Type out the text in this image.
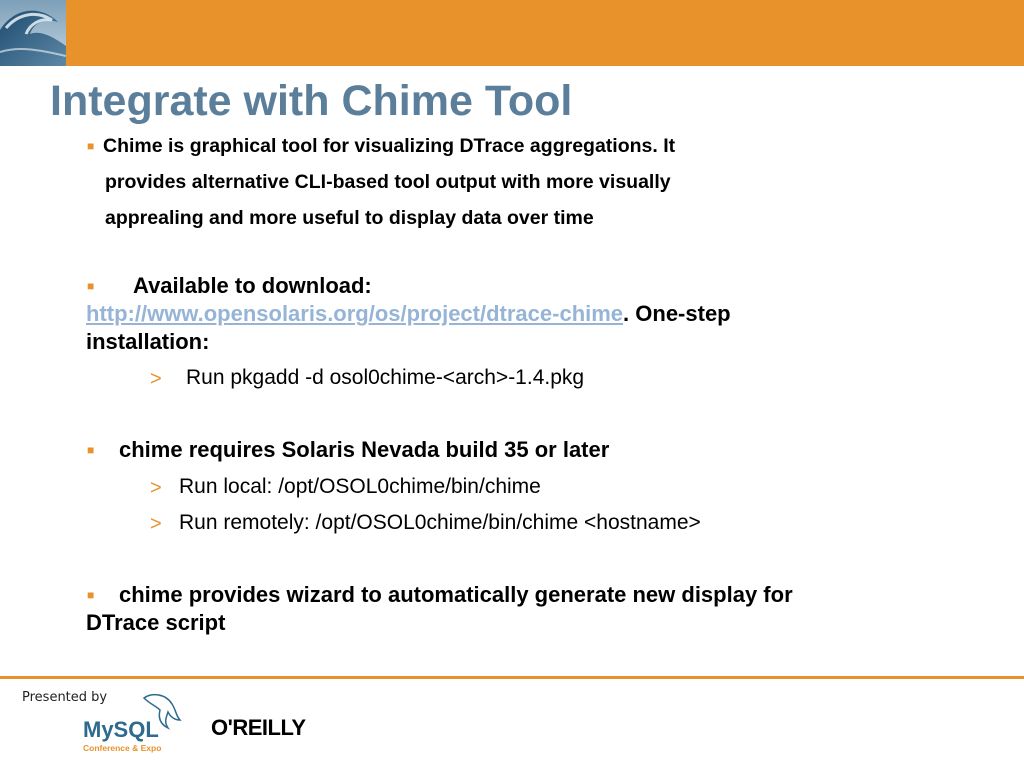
Integrate with Chime Tool
■ Chime is graphical tool for visualizing DTrace aggregations. It
provides alternative CLI-based tool output with more visually
apprealing and more useful to display data over time
■ Available to download:
http://www.opensolaris.org/os/project/dtrace-chime. One-step
installation:
> Run pkgadd -d osol0chime-<arch>-1.4.pkg
■ chime requires Solaris Nevada build 35 or later
> Run local: /opt/OSOL0chime/bin/chime
> Run remotely: /opt/OSOL0chime/bin/chime <hostname>
■ chime provides wizard to automatically generate new display for
DTrace script
Presented by
MySQL
Conference & Expo
O'REILLY
